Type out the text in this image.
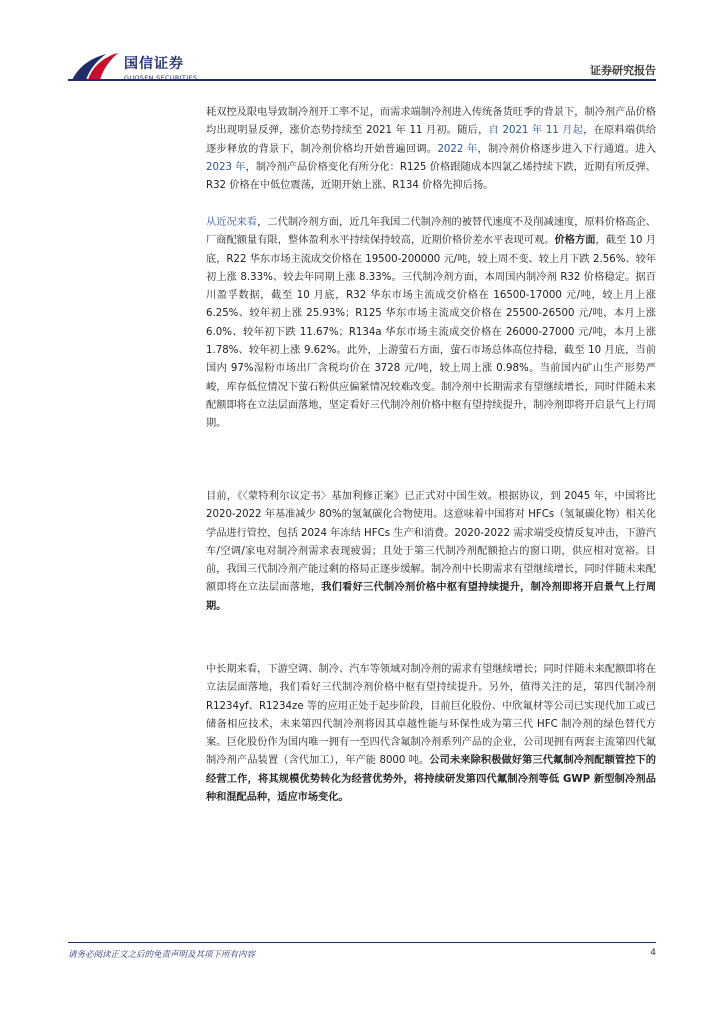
国信证券
GUOSEN SECURITIES
证券研究报告

耗双控及限电导致制冷剂开工率不足，而需求端制冷剂进入传统备货旺季的背景下，制冷剂产品价格均出现明显反弹，涨价态势持续至 2021 年 11 月初。随后，自 2021 年 11 月起，在原料端供给逐步释放的背景下，制冷剂价格均开始普遍回调。2022 年，制冷剂价格逐步进入下行通道。进入 2023 年，制冷剂产品价格变化有所分化：R125 价格跟随成本四氯乙烯持续下跌，近期有所反弹、R32 价格在中低位震荡，近期开始上涨、R134 价格先抑后扬。

从近况来看，二代制冷剂方面，近几年我国二代制冷剂的被替代速度不及削减速度，原料价格高企、厂商配额量有限，整体盈利水平持续保持较高，近期价格价差水平表现可观。价格方面，截至 10 月底，R22 华东市场主流成交价格在 19500-200000 元/吨，较上周不变、较上月下跌 2.56%、较年初上涨 8.33%、较去年同期上涨 8.33%。三代制冷剂方面，本周国内制冷剂 R32 价格稳定。据百川盈孚数据，截至 10 月底，R32 华东市场主流成交价格在 16500-17000 元/吨，较上月上涨 6.25%、较年初上涨 25.93%；R125 华东市场主流成交价格在 25500-26500 元/吨，本月上涨 6.0%、较年初下跌 11.67%；R134a 华东市场主流成交价格在 26000-27000 元/吨，本月上涨 1.78%、较年初上涨 9.62%。此外，上游萤石方面，萤石市场总体高位持稳，截至 10 月底，当前国内 97%湿粉市场出厂含税均价在 3728 元/吨，较上周上涨 0.98%。当前国内矿山生产形势严峻，库存低位情况下萤石粉供应偏紧情况较难改变。制冷剂中长期需求有望继续增长，同时伴随未来配额即将在立法层面落地，坚定看好三代制冷剂价格中枢有望持续提升，制冷剂即将开启景气上行周期。

目前，《〈蒙特利尔议定书〉基加利修正案》已正式对中国生效。根据协议，到 2045 年，中国将比 2020-2022 年基准减少 80%的氢氟碳化合物使用。这意味着中国将对 HFCs（氢氟碳化物）相关化学品进行管控，包括 2024 年冻结 HFCs 生产和消费。2020-2022 需求端受疫情反复冲击，下游汽车/空调/家电对制冷剂需求表现疲弱；且处于第三代制冷剂配额抢占的窗口期，供应相对宽裕。目前，我国三代制冷剂产能过剩的格局正逐步缓解。制冷剂中长期需求有望继续增长，同时伴随未来配额即将在立法层面落地，我们看好三代制冷剂价格中枢有望持续提升，制冷剂即将开启景气上行周期。

中长期来看，下游空调、制冷、汽车等领域对制冷剂的需求有望继续增长；同时伴随未来配额即将在立法层面落地，我们看好三代制冷剂价格中枢有望持续提升。另外，值得关注的是，第四代制冷剂 R1234yf、R1234ze 等的应用正处于起步阶段，目前巨化股份、中欣氟材等公司已实现代加工或已储备相应技术，未来第四代制冷剂将因其卓越性能与环保性成为第三代 HFC 制冷剂的绿色替代方案。巨化股份作为国内唯一拥有一至四代含氟制冷剂系列产品的企业，公司现拥有两套主流第四代氟制冷剂产品装置（含代加工），年产能 8000 吨。公司未来除积极做好第三代氟制冷剂配额管控下的经营工作，将其规模优势转化为经营优势外，将持续研发第四代氟制冷剂等低 GWP 新型制冷剂品种和混配品种，适应市场变化。

请务必阅读正文之后的免责声明及其项下所有内容	4
